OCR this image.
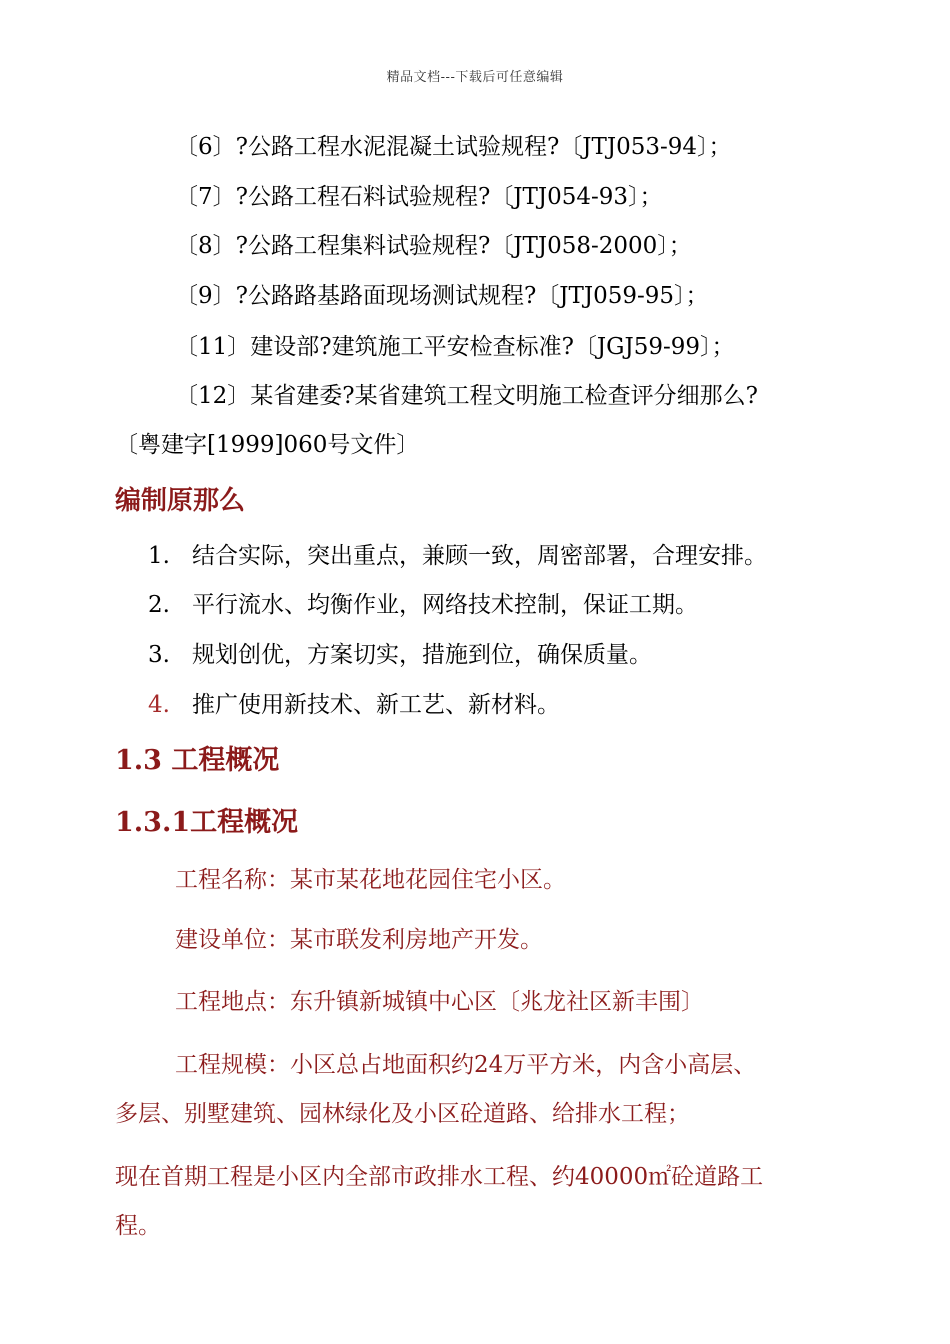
精品文档---下载后可任意编辑
〔6〕?公路工程水泥混凝土试验规程?〔JTJ053-94〕；
〔7〕?公路工程石料试验规程?〔JTJ054-93〕；
〔8〕?公路工程集料试验规程?〔JTJ058-2000〕；
〔9〕?公路路基路面现场测试规程?〔JTJ059-95〕；
〔11〕建设部?建筑施工平安检查标准?〔JGJ59-99〕；
〔12〕某省建委?某省建筑工程文明施工检查评分细那么?
〔粤建字[1999]060号文件〕
编制原那么
1. 结合实际，突出重点，兼顾一致，周密部署，合理安排。
2. 平行流水、均衡作业，网络技术控制，保证工期。
3. 规划创优，方案切实，措施到位，确保质量。
4. 推广使用新技术、新工艺、新材料。
1.3 工程概况
1.3.1工程概况
工程名称：某市某花地花园住宅小区。
建设单位：某市联发利房地产开发。
工程地点：东升镇新城镇中心区〔兆龙社区新丰围〕
工程规模：小区总占地面积约24万平方米，内含小高层、
多层、别墅建筑、园林绿化及小区砼道路、给排水工程；
现在首期工程是小区内全部市政排水工程、约40000㎡砼道路工
程。
